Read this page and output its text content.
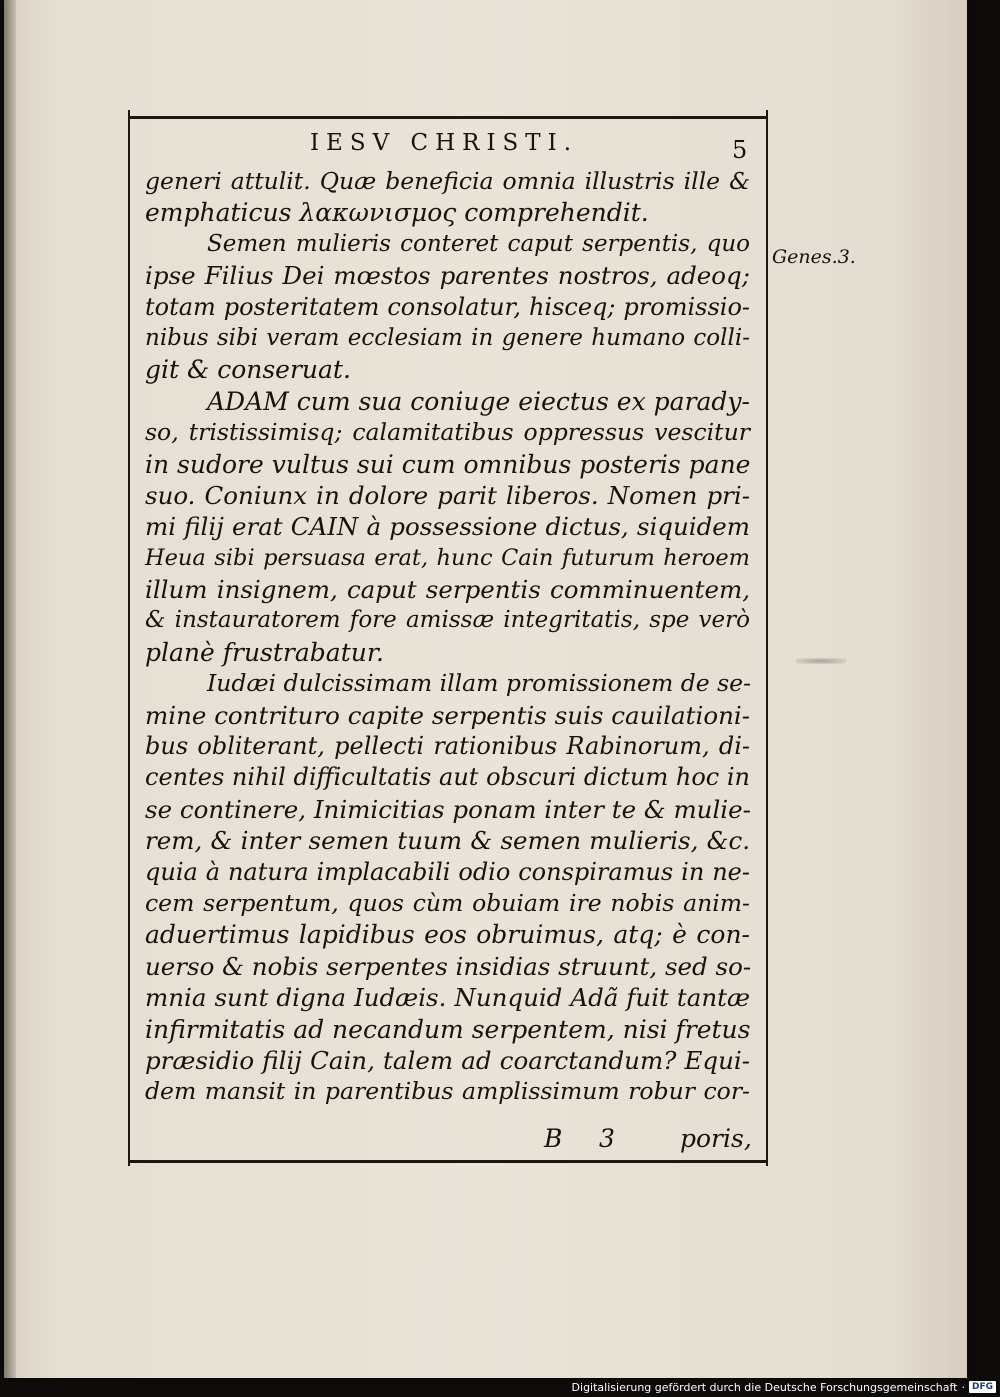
IESV CHRISTI.	5
Genes.3.
generi attulit. Quæ beneficia omnia illustris ille &
emphaticus λακωνισμος comprehendit.
Semen mulieris conteret caput serpentis, quo
ipse Filius Dei mœstos parentes nostros, adeoq;
totam posteritatem consolatur, hisceq; promissio-
nibus sibi veram ecclesiam in genere humano colli-
git & conseruat.
ADAM cum sua coniuge eiectus ex parady-
so, tristissimisq; calamitatibus oppressus vescitur
in sudore vultus sui cum omnibus posteris pane
suo. Coniunx in dolore parit liberos. Nomen pri-
mi filij erat CAIN à possessione dictus, siquidem
Heua sibi persuasa erat, hunc Cain futurum heroem
illum insignem, caput serpentis comminuentem,
& instauratorem fore amissæ integritatis, spe verò
planè frustrabatur.
Iudæi dulcissimam illam promissionem de se-
mine contrituro capite serpentis suis cauilationi-
bus obliterant, pellecti rationibus Rabinorum, di-
centes nihil difficultatis aut obscuri dictum hoc in
se continere, Inimicitias ponam inter te & mulie-
rem, & inter semen tuum & semen mulieris, &c.
quia à natura implacabili odio conspiramus in ne-
cem serpentum, quos cùm obuiam ire nobis anim-
aduertimus lapidibus eos obruimus, atq; è con-
uerso & nobis serpentes insidias struunt, sed so-
mnia sunt digna Iudæis. Nunquid Adã fuit tantæ
infirmitatis ad necandum serpentem, nisi fretus
præsidio filij Cain, talem ad coarctandum? Equi-
dem mansit in parentibus amplissimum robur cor-
B 3	poris,
Digitalisierung gefördert durch die Deutsche Forschungsgemeinschaft · DFG
